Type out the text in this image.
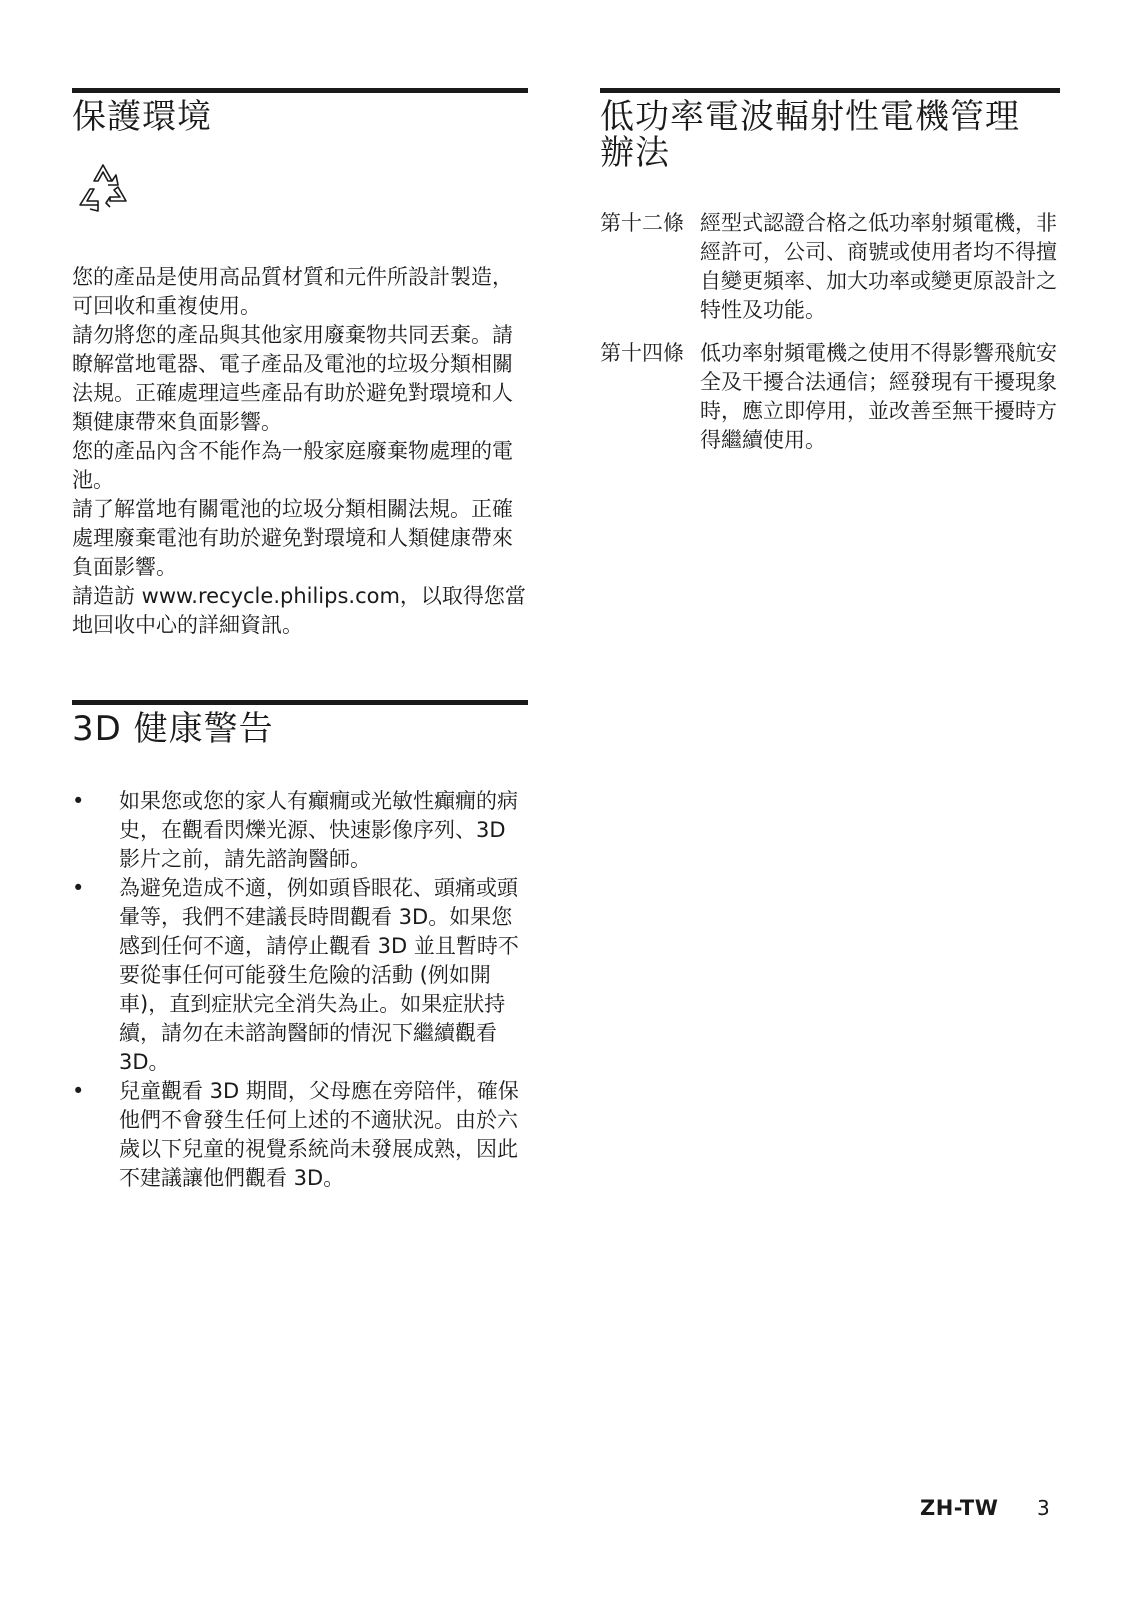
保護環境

您的產品是使用高品質材質和元件所設計製造，可回收和重複使用。

請勿將您的產品與其他家用廢棄物共同丟棄。請瞭解當地電器、電子產品及電池的垃圾分類相關法規。正確處理這些產品有助於避免對環境和人類健康帶來負面影響。

您的產品內含不能作為一般家庭廢棄物處理的電池。

請了解當地有關電池的垃圾分類相關法規。正確處理廢棄電池有助於避免對環境和人類健康帶來負面影響。

請造訪 www.recycle.philips.com，以取得您當地回收中心的詳細資訊。

3D 健康警告
•	如果您或您的家人有癲癇或光敏性癲癇的病史，在觀看閃爍光源、快速影像序列、3D 影片之前，請先諮詢醫師。
•	為避免造成不適，例如頭昏眼花、頭痛或頭暈等，我們不建議長時間觀看 3D。如果您感到任何不適，請停止觀看 3D 並且暫時不要從事任何可能發生危險的活動 (例如開車)，直到症狀完全消失為止。如果症狀持續，請勿在未諮詢醫師的情況下繼續觀看 3D。
•	兒童觀看 3D 期間，父母應在旁陪伴，確保他們不會發生任何上述的不適狀況。由於六歲以下兒童的視覺系統尚未發展成熟，因此不建議讓他們觀看 3D。
低功率電波輻射性電機管理
辦法
第十二條 經型式認證合格之低功率射頻電機，非經許可，公司、商號或使用者均不得擅自變更頻率、加大功率或變更原設計之特性及功能。
第十四條 低功率射頻電機之使用不得影響飛航安全及干擾合法通信；經發現有干擾現象時，應立即停用，並改善至無干擾時方得繼續使用。
ZH-TW 3
